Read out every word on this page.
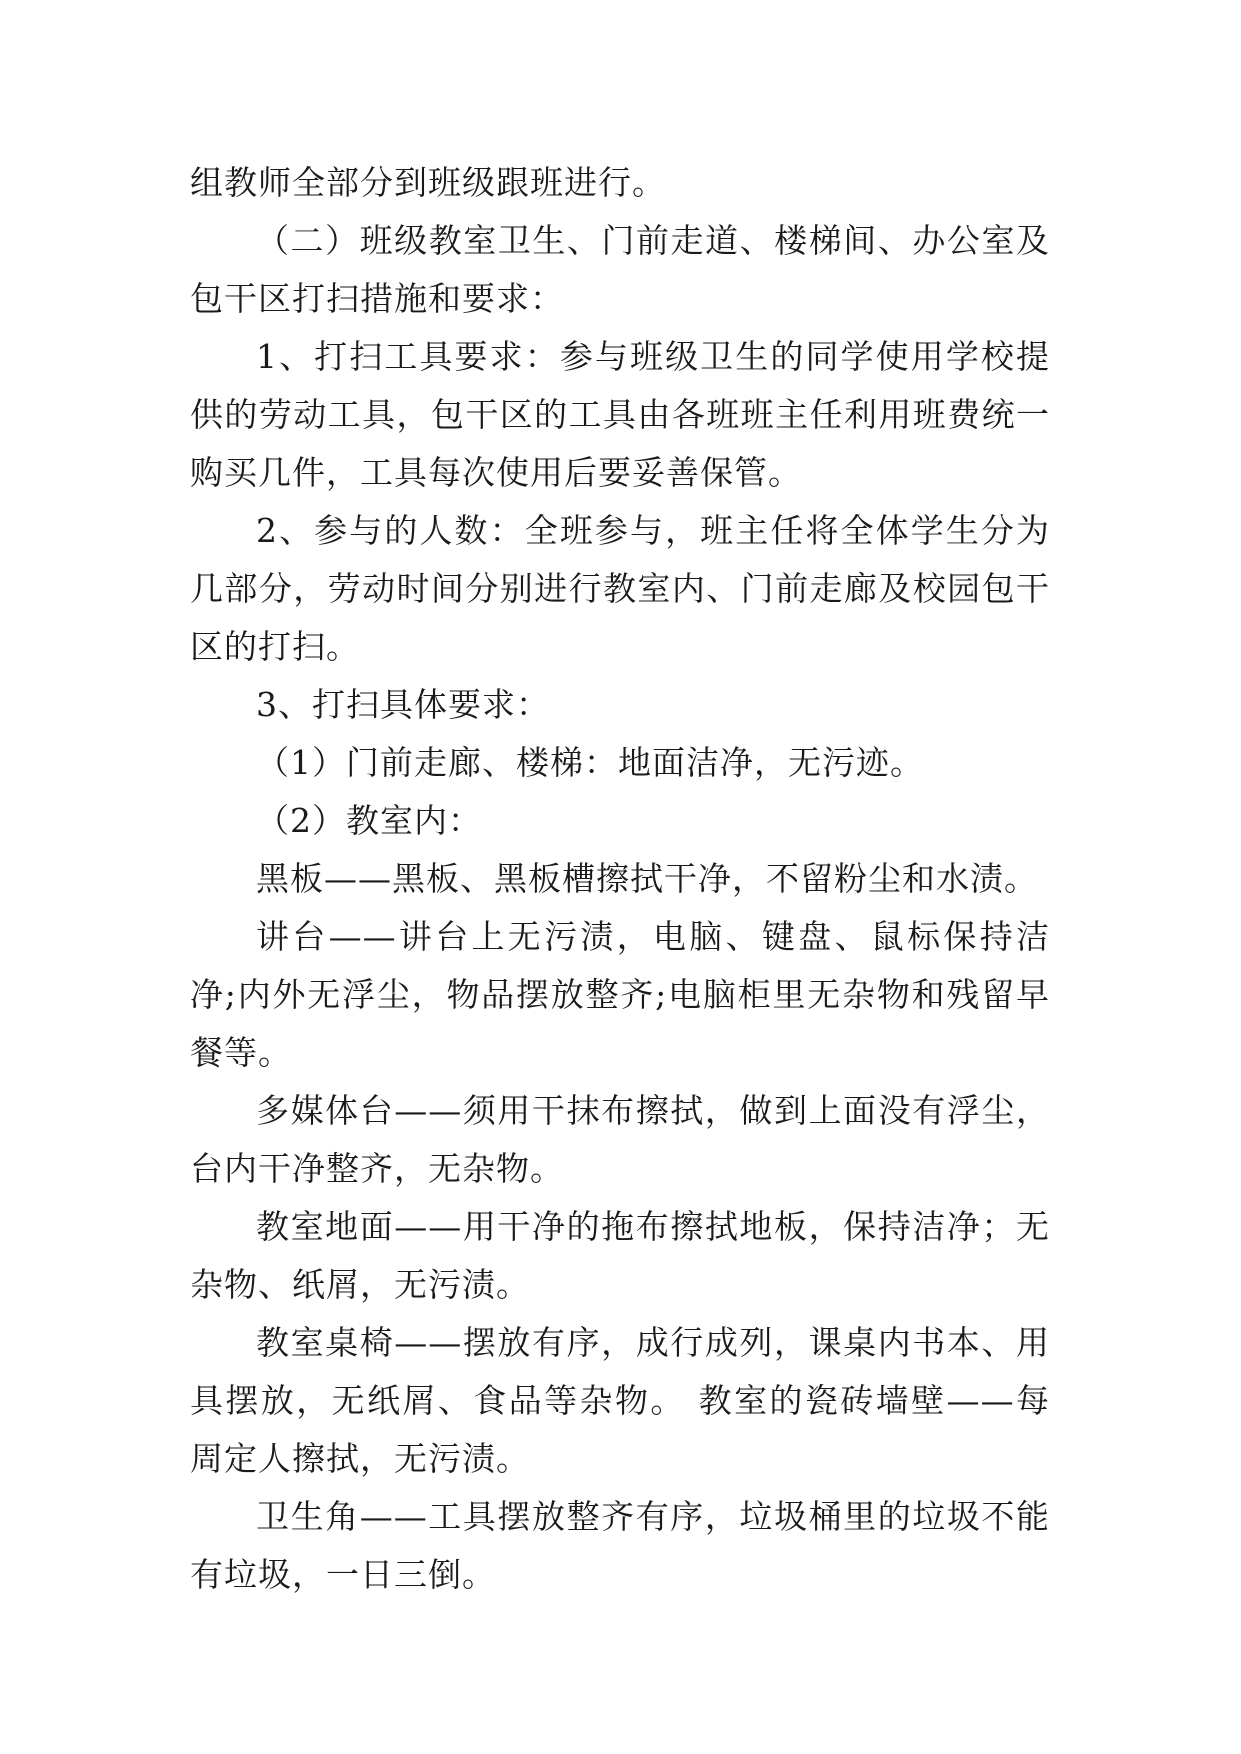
组教师全部分到班级跟班进行。

（二）班级教室卫生、门前走道、楼梯间、办公室及包干区打扫措施和要求：

1、打扫工具要求：参与班级卫生的同学使用学校提供的劳动工具，包干区的工具由各班班主任利用班费统一购买几件，工具每次使用后要妥善保管。

2、参与的人数：全班参与，班主任将全体学生分为几部分，劳动时间分别进行教室内、门前走廊及校园包干区的打扫。

3、打扫具体要求：

（1）门前走廊、楼梯：地面洁净，无污迹。

（2）教室内：

黑板——黑板、黑板槽擦拭干净，不留粉尘和水渍。

讲台——讲台上无污渍，电脑、键盘、鼠标保持洁净;内外无浮尘，物品摆放整齐;电脑柜里无杂物和残留早餐等。

多媒体台——须用干抹布擦拭，做到上面没有浮尘，台内干净整齐，无杂物。

教室地面——用干净的拖布擦拭地板，保持洁净；无杂物、纸屑，无污渍。

教室桌椅——摆放有序，成行成列，课桌内书本、用具摆放，无纸屑、食品等杂物。 教室的瓷砖墙壁——每周定人擦拭，无污渍。

卫生角——工具摆放整齐有序，垃圾桶里的垃圾不能有垃圾，一日三倒。
